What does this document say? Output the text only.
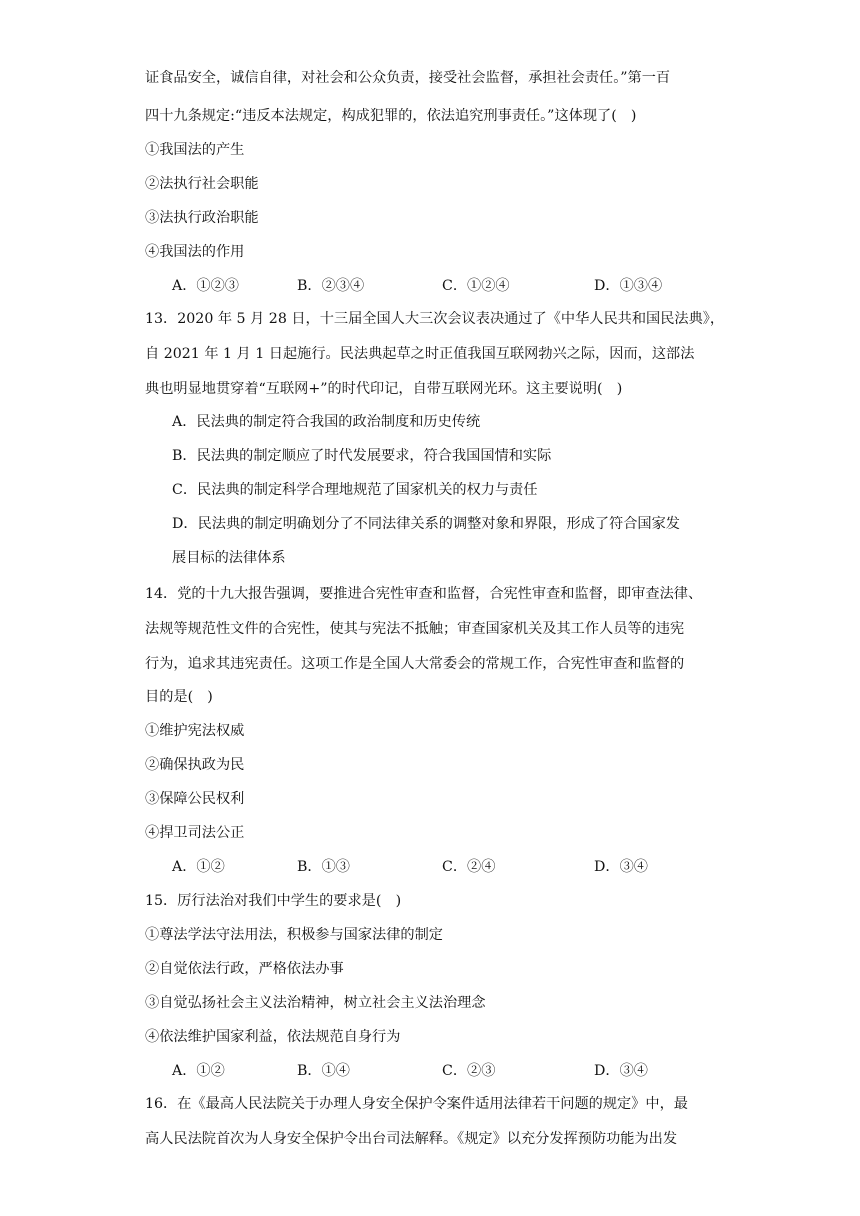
证食品安全，诚信自律，对社会和公众负责，接受社会监督，承担社会责任。”第一百
四十九条规定:“违反本法规定，构成犯罪的，依法追究刑事责任。”这体现了(　)
①我国法的产生
②法执行社会职能
③法执行政治职能
④我国法的作用
A．①②③	B．②③④	C．①②④	D．①③④
13．2020 年 5 月 28 日，十三届全国人大三次会议表决通过了《中华人民共和国民法典》，
自 2021 年 1 月 1 日起施行。民法典起草之时正值我国互联网勃兴之际，因而，这部法
典也明显地贯穿着“互联网+”的时代印记，自带互联网光环。这主要说明(　)
A．民法典的制定符合我国的政治制度和历史传统
B．民法典的制定顺应了时代发展要求，符合我国国情和实际
C．民法典的制定科学合理地规范了国家机关的权力与责任
D．民法典的制定明确划分了不同法律关系的调整对象和界限，形成了符合国家发
展目标的法律体系
14．党的十九大报告强调，要推进合宪性审查和监督，合宪性审查和监督，即审查法律、
法规等规范性文件的合宪性，使其与宪法不抵触；审查国家机关及其工作人员等的违宪
行为，追求其违宪责任。这项工作是全国人大常委会的常规工作，合宪性审查和监督的
目的是(　)
①维护宪法权威
②确保执政为民
③保障公民权利
④捍卫司法公正
A．①②	B．①③	C．②④	D．③④
15．厉行法治对我们中学生的要求是(　)
①尊法学法守法用法，积极参与国家法律的制定
②自觉依法行政，严格依法办事
③自觉弘扬社会主义法治精神，树立社会主义法治理念
④依法维护国家利益，依法规范自身行为
A．①②	B．①④	C．②③	D．③④
16．在《最高人民法院关于办理人身安全保护令案件适用法律若干问题的规定》中，最
高人民法院首次为人身安全保护令出台司法解释。《规定》以充分发挥预防功能为出发
